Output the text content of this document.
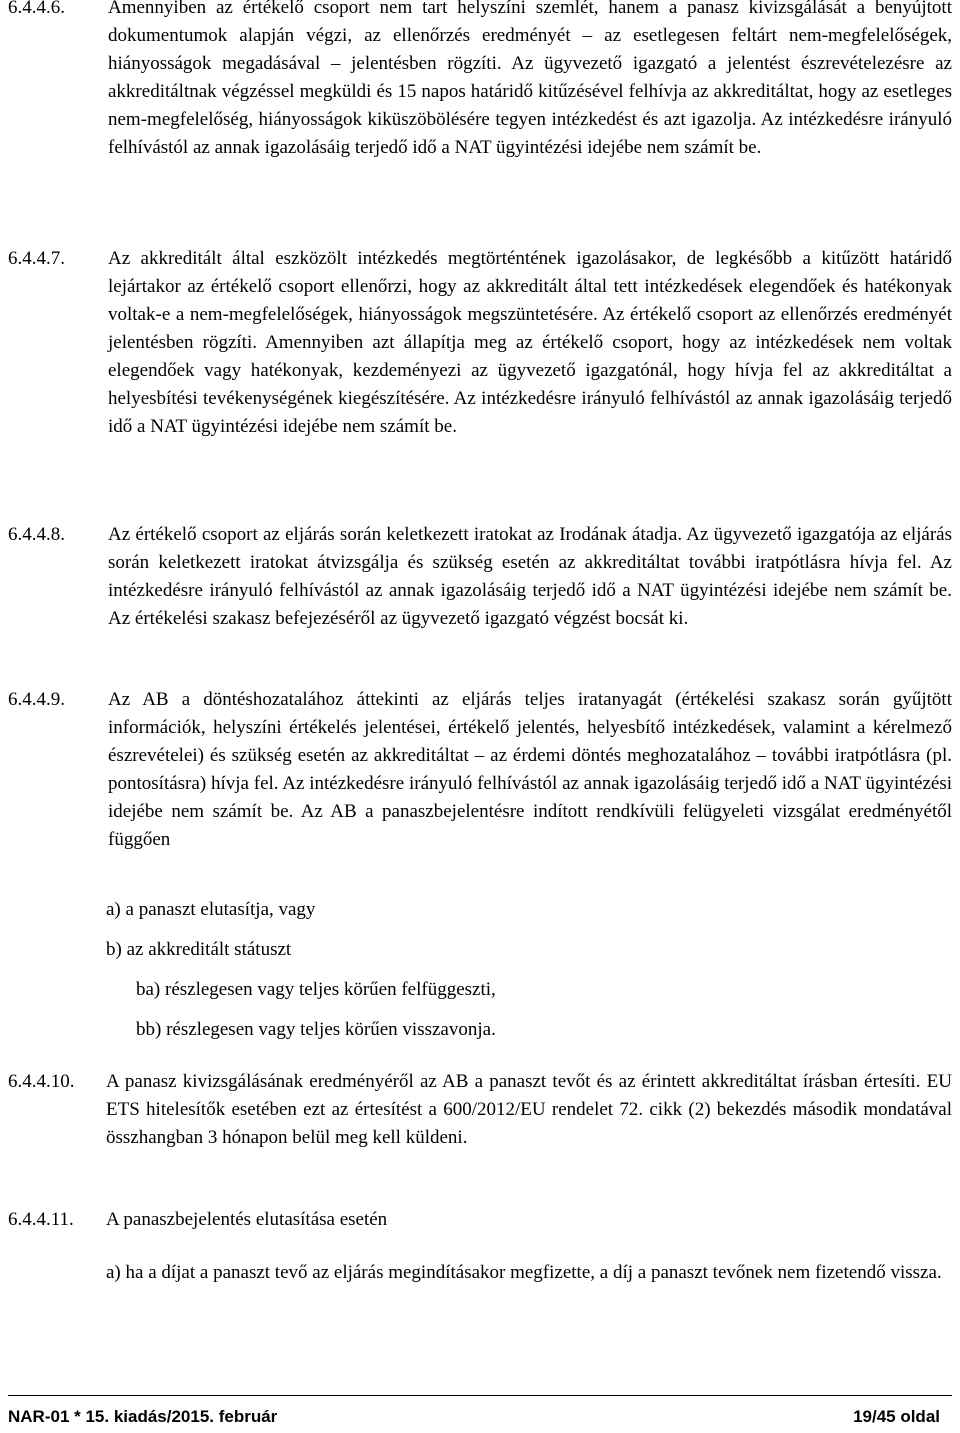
6.4.4.6. Amennyiben az értékelő csoport nem tart helyszíni szemlét, hanem a panasz kivizsgálását a benyújtott dokumentumok alapján végzi, az ellenőrzés eredményét – az esetlegesen feltárt nem-megfelelőségek, hiányosságok megadásával – jelentésben rögzíti. Az ügyvezető igazgató a jelentést észrevételezésre az akkreditáltnak végzéssel megküldi és 15 napos határidő kitűzésével felhívja az akkreditáltat, hogy az esetleges nem-megfelelőség, hiányosságok kiküszöbölésére tegyen intézkedést és azt igazolja. Az intézkedésre irányuló felhívástól az annak igazolásáig terjedő idő a NAT ügyintézési idejébe nem számít be.
6.4.4.7. Az akkreditált által eszközölt intézkedés megtörténtének igazolásakor, de legkésőbb a kitűzött határidő lejártakor az értékelő csoport ellenőrzi, hogy az akkreditált által tett intézkedések elegendőek és hatékonyak voltak-e a nem-megfelelőségek, hiányosságok megszüntetésére. Az értékelő csoport az ellenőrzés eredményét jelentésben rögzíti. Amennyiben azt állapítja meg az értékelő csoport, hogy az intézkedések nem voltak elegendőek vagy hatékonyak, kezdeményezi az ügyvezető igazgatónál, hogy hívja fel az akkreditáltat a helyesbítési tevékenységének kiegészítésére. Az intézkedésre irányuló felhívástól az annak igazolásáig terjedő idő a NAT ügyintézési idejébe nem számít be.
6.4.4.8. Az értékelő csoport az eljárás során keletkezett iratokat az Irodának átadja. Az ügyvezető igazgatója az eljárás során keletkezett iratokat átvizsgálja és szükség esetén az akkreditáltat további iratpótlásra hívja fel. Az intézkedésre irányuló felhívástól az annak igazolásáig terjedő idő a NAT ügyintézési idejébe nem számít be. Az értékelési szakasz befejezéséről az ügyvezető igazgató végzést bocsát ki.
6.4.4.9. Az AB a döntéshozatalához áttekinti az eljárás teljes iratanyagát (értékelési szakasz során gyűjtött információk, helyszíni értékelés jelentései, értékelő jelentés, helyesbítő intézkedések, valamint a kérelmező észrevételei) és szükség esetén az akkreditáltat – az érdemi döntés meghozatalához – további iratpótlásra (pl. pontosításra) hívja fel. Az intézkedésre irányuló felhívástól az annak igazolásáig terjedő idő a NAT ügyintézési idejébe nem számít be. Az AB a panaszbejelentésre indított rendkívüli felügyeleti vizsgálat eredményétől függően
a) a panaszt elutasítja, vagy
b) az akkreditált státuszt
ba) részlegesen vagy teljes körűen felfüggeszti,
bb) részlegesen vagy teljes körűen visszavonja.
6.4.4.10. A panasz kivizsgálásának eredményéről az AB a panaszt tevőt és az érintett akkreditáltat írásban értesíti. EU ETS hitelesítők esetében ezt az értesítést a 600/2012/EU rendelet 72. cikk (2) bekezdés második mondatával összhangban 3 hónapon belül meg kell küldeni.
6.4.4.11. A panaszbejelentés elutasítása esetén
a) ha a díjat a panaszt tevő az eljárás megindításakor megfizette, a díj a panaszt tevőnek nem fizetendő vissza.
NAR-01 * 15. kiadás/2015. február	19/45 oldal
